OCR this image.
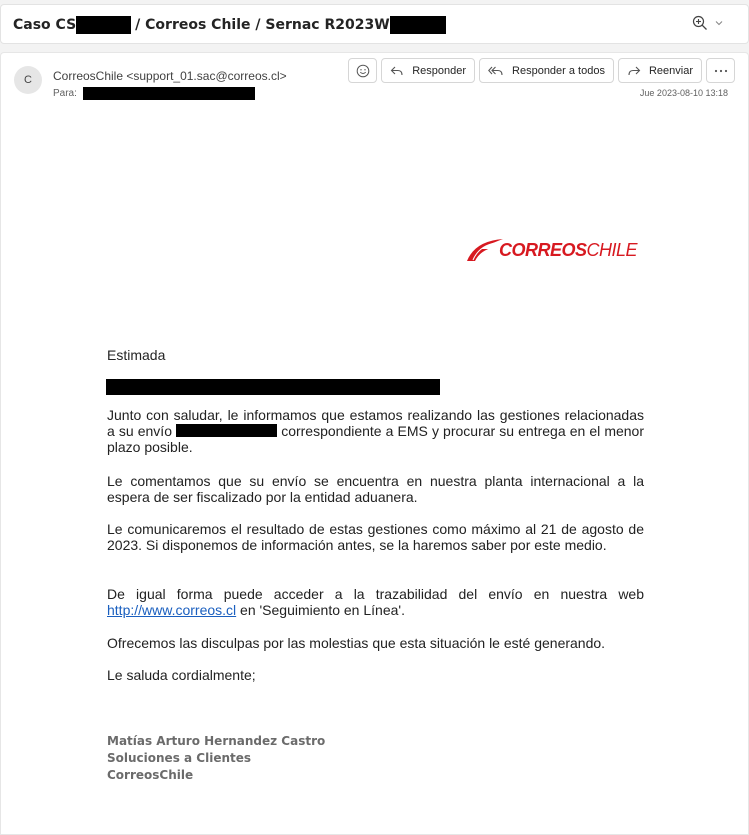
Caso CS	/ Correos Chile / Sernac R2023W
C	CorreosChile <support_01.sac@correos.cl>
Para:
Responder	Responder a todos	Reenviar
Jue 2023-08-10 13:18
CORREOSCHILE
Estimada

Junto con saludar, le informamos que estamos realizando las gestiones relacionadas a su envío	correspondiente a EMS y procurar su entrega en el menor plazo posible.

Le comentamos que su envío se encuentra en nuestra planta internacional a la espera de ser fiscalizado por la entidad aduanera.

Le comunicaremos el resultado de estas gestiones como máximo al 21 de agosto de 2023. Si disponemos de información antes, se la haremos saber por este medio.

De igual forma puede acceder a la trazabilidad del envío en nuestra web http://www.correos.cl en 'Seguimiento en Línea'.

Ofrecemos las disculpas por las molestias que esta situación le esté generando.

Le saluda cordialmente;

Matías Arturo Hernandez Castro
Soluciones a Clientes
CorreosChile
